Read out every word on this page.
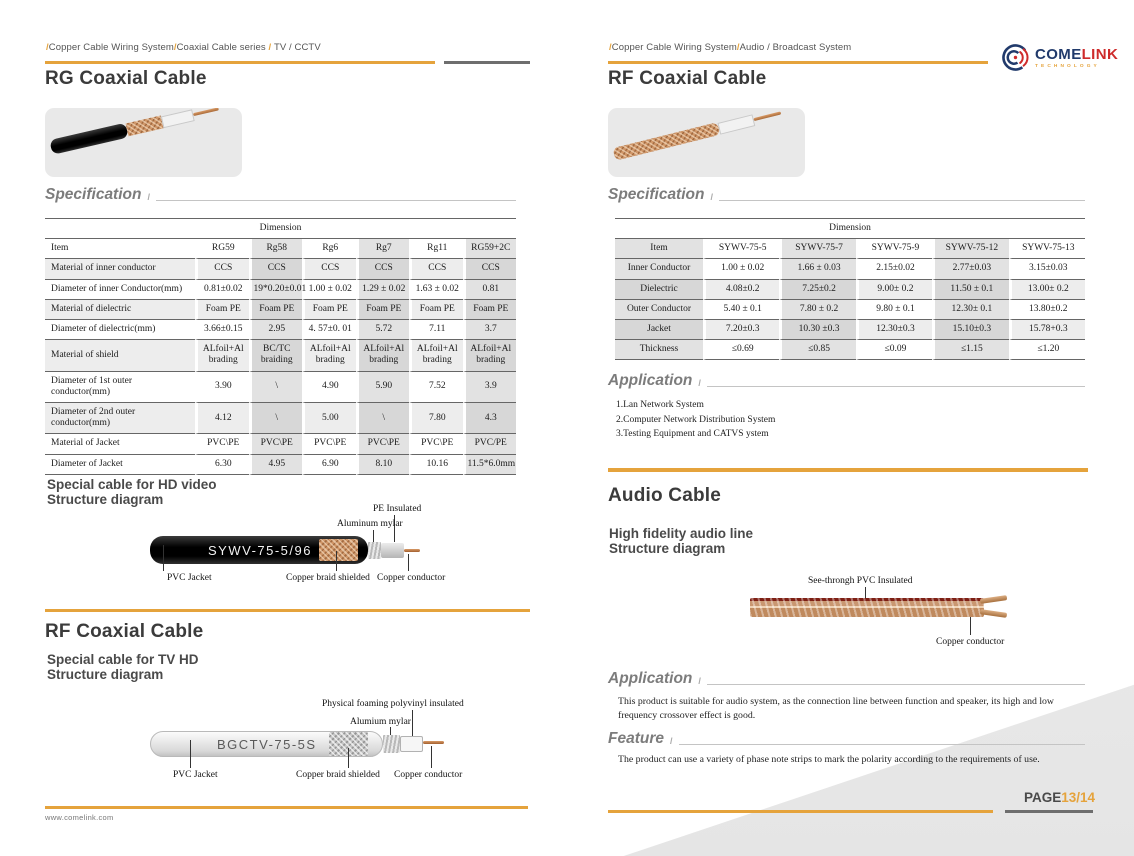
/Copper Cable Wiring System/Coaxial Cable series / TV / CCTV
RG Coaxial Cable
Specification /
Dimension						
Item	RG59	Rg58	Rg6	Rg7	Rg11	RG59+2C
Material of inner conductor	CCS	CCS	CCS	CCS	CCS	CCS
Diameter of inner Conductor(mm)	0.81±0.02	19*0.20±0.01	1.00 ± 0.02	1.29 ± 0.02	1.63 ± 0.02	0.81
Material of dielectric	Foam PE	Foam PE	Foam PE	Foam PE	Foam PE	Foam PE
Diameter of dielectric(mm)	3.66±0.15	2.95	4. 57±0. 01	5.72	7.11	3.7
Material of shield	ALfoil+Al brading	BC/TC braiding	ALfoil+Al brading	ALfoil+Al brading	ALfoil+Al brading	ALfoil+Al brading
Diameter of 1st outer conductor(mm)	3.90	\	4.90	5.90	7.52	3.9
Diameter of 2nd outer conductor(mm)	4.12	\	5.00	\	7.80	4.3
Material of Jacket	PVC\PE	PVC\PE	PVC\PE	PVC\PE	PVC\PE	PVC/PE
Diameter of Jacket	6.30	4.95	6.90	8.10	10.16	11.5*6.0mm
Special cable for HD video
Structure diagram
PE Insulated
Aluminum mylar
SYWV-75-5/96
PVC Jacket	Copper braid shielded Copper conductor
RF Coaxial Cable
Special cable for TV HD
Structure diagram
Physical foaming polyvinyl insulated
Alumium mylar
BGCTV-75-5S
PVC Jacket	Copper braid shielded Copper conductor
www.comelink.com
/Copper Cable Wiring System/Audio / Broadcast System	COMELINK
TECHNOLOGY
RF Coaxial Cable
Specification /
Dimension					
Item	SYWV-75-5	SYWV-75-7	SYWV-75-9	SYWV-75-12	SYWV-75-13
Inner Conductor	1.00 ± 0.02	1.66 ± 0.03	2.15±0.02	2.77±0.03	3.15±0.03
Dielectric	4.08±0.2	7.25±0.2	9.00± 0.2	11.50 ± 0.1	13.00± 0.2
Outer Conductor	5.40 ± 0.1	7.80 ± 0.2	9.80 ± 0.1	12.30± 0.1	13.80±0.2
Jacket	7.20±0.3	10.30 ±0.3	12.30±0.3	15.10±0.3	15.78+0.3
Thickness	≤0.69	≤0.85	≤0.09	≤1.15	≤1.20
Application /
1.Lan Network System
2.Computer Network Distribution System
3.Testing Equipment and CATVS ystem
Audio Cable
High fidelity audio line
Structure diagram
See-throngh PVC Insulated
Copper conductor
Application /
This product is suitable for audio system, as the connection line between function and speaker, its high and low frequency crossover effect is good.
Feature /
The product can use a variety of phase note strips to mark the polarity according to the requirements of use.
PAGE13/14
